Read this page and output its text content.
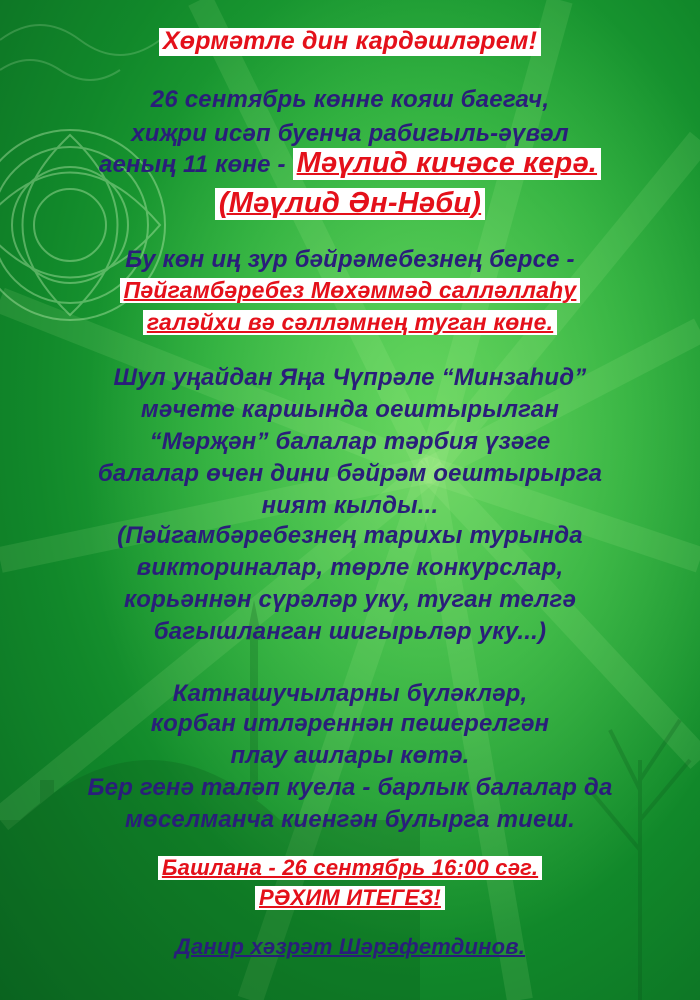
Хөрмәтле дин кардәшләрем!
26 сентябрь көнне кояш баегач,
хиҗри исәп буенча рабигыль-әүвәл
аеның 11 көне - Мәүлид кичәсе керә.
(Мәүлид Ән-Нәби)
Бу көн иң зур бәйрәмебезнең берсе -
Пәйгамбәребез Мөхәммәд салләллаһу
галәйхи вә сәлләмнең туган көне.
Шул уңайдан Яңа Чүпрәле “Минзаһид”
мәчете каршында оештырылган
“Мәрҗән” балалар тәрбия үзәге
балалар өчен дини бәйрәм оештырырга
ният кылды...
(Пәйгамбәребезнең тарихы турында
викториналар, төрле конкурслар,
корьәннән сүрәләр уку, туган телгә
багышланган шигырьләр уку...)
Катнашучыларны бүләкләр,
корбан итләреннән пешерелгән
плау ашлары көтә.
Бер генә таләп куела - барлык балалар да
мөселманча киенгән булырга тиеш.
Башлана - 26 сентябрь 16:00 сәг.
РӘХИМ ИТЕГЕЗ!
Данир хәзрәт Шәрәфетдинов.
